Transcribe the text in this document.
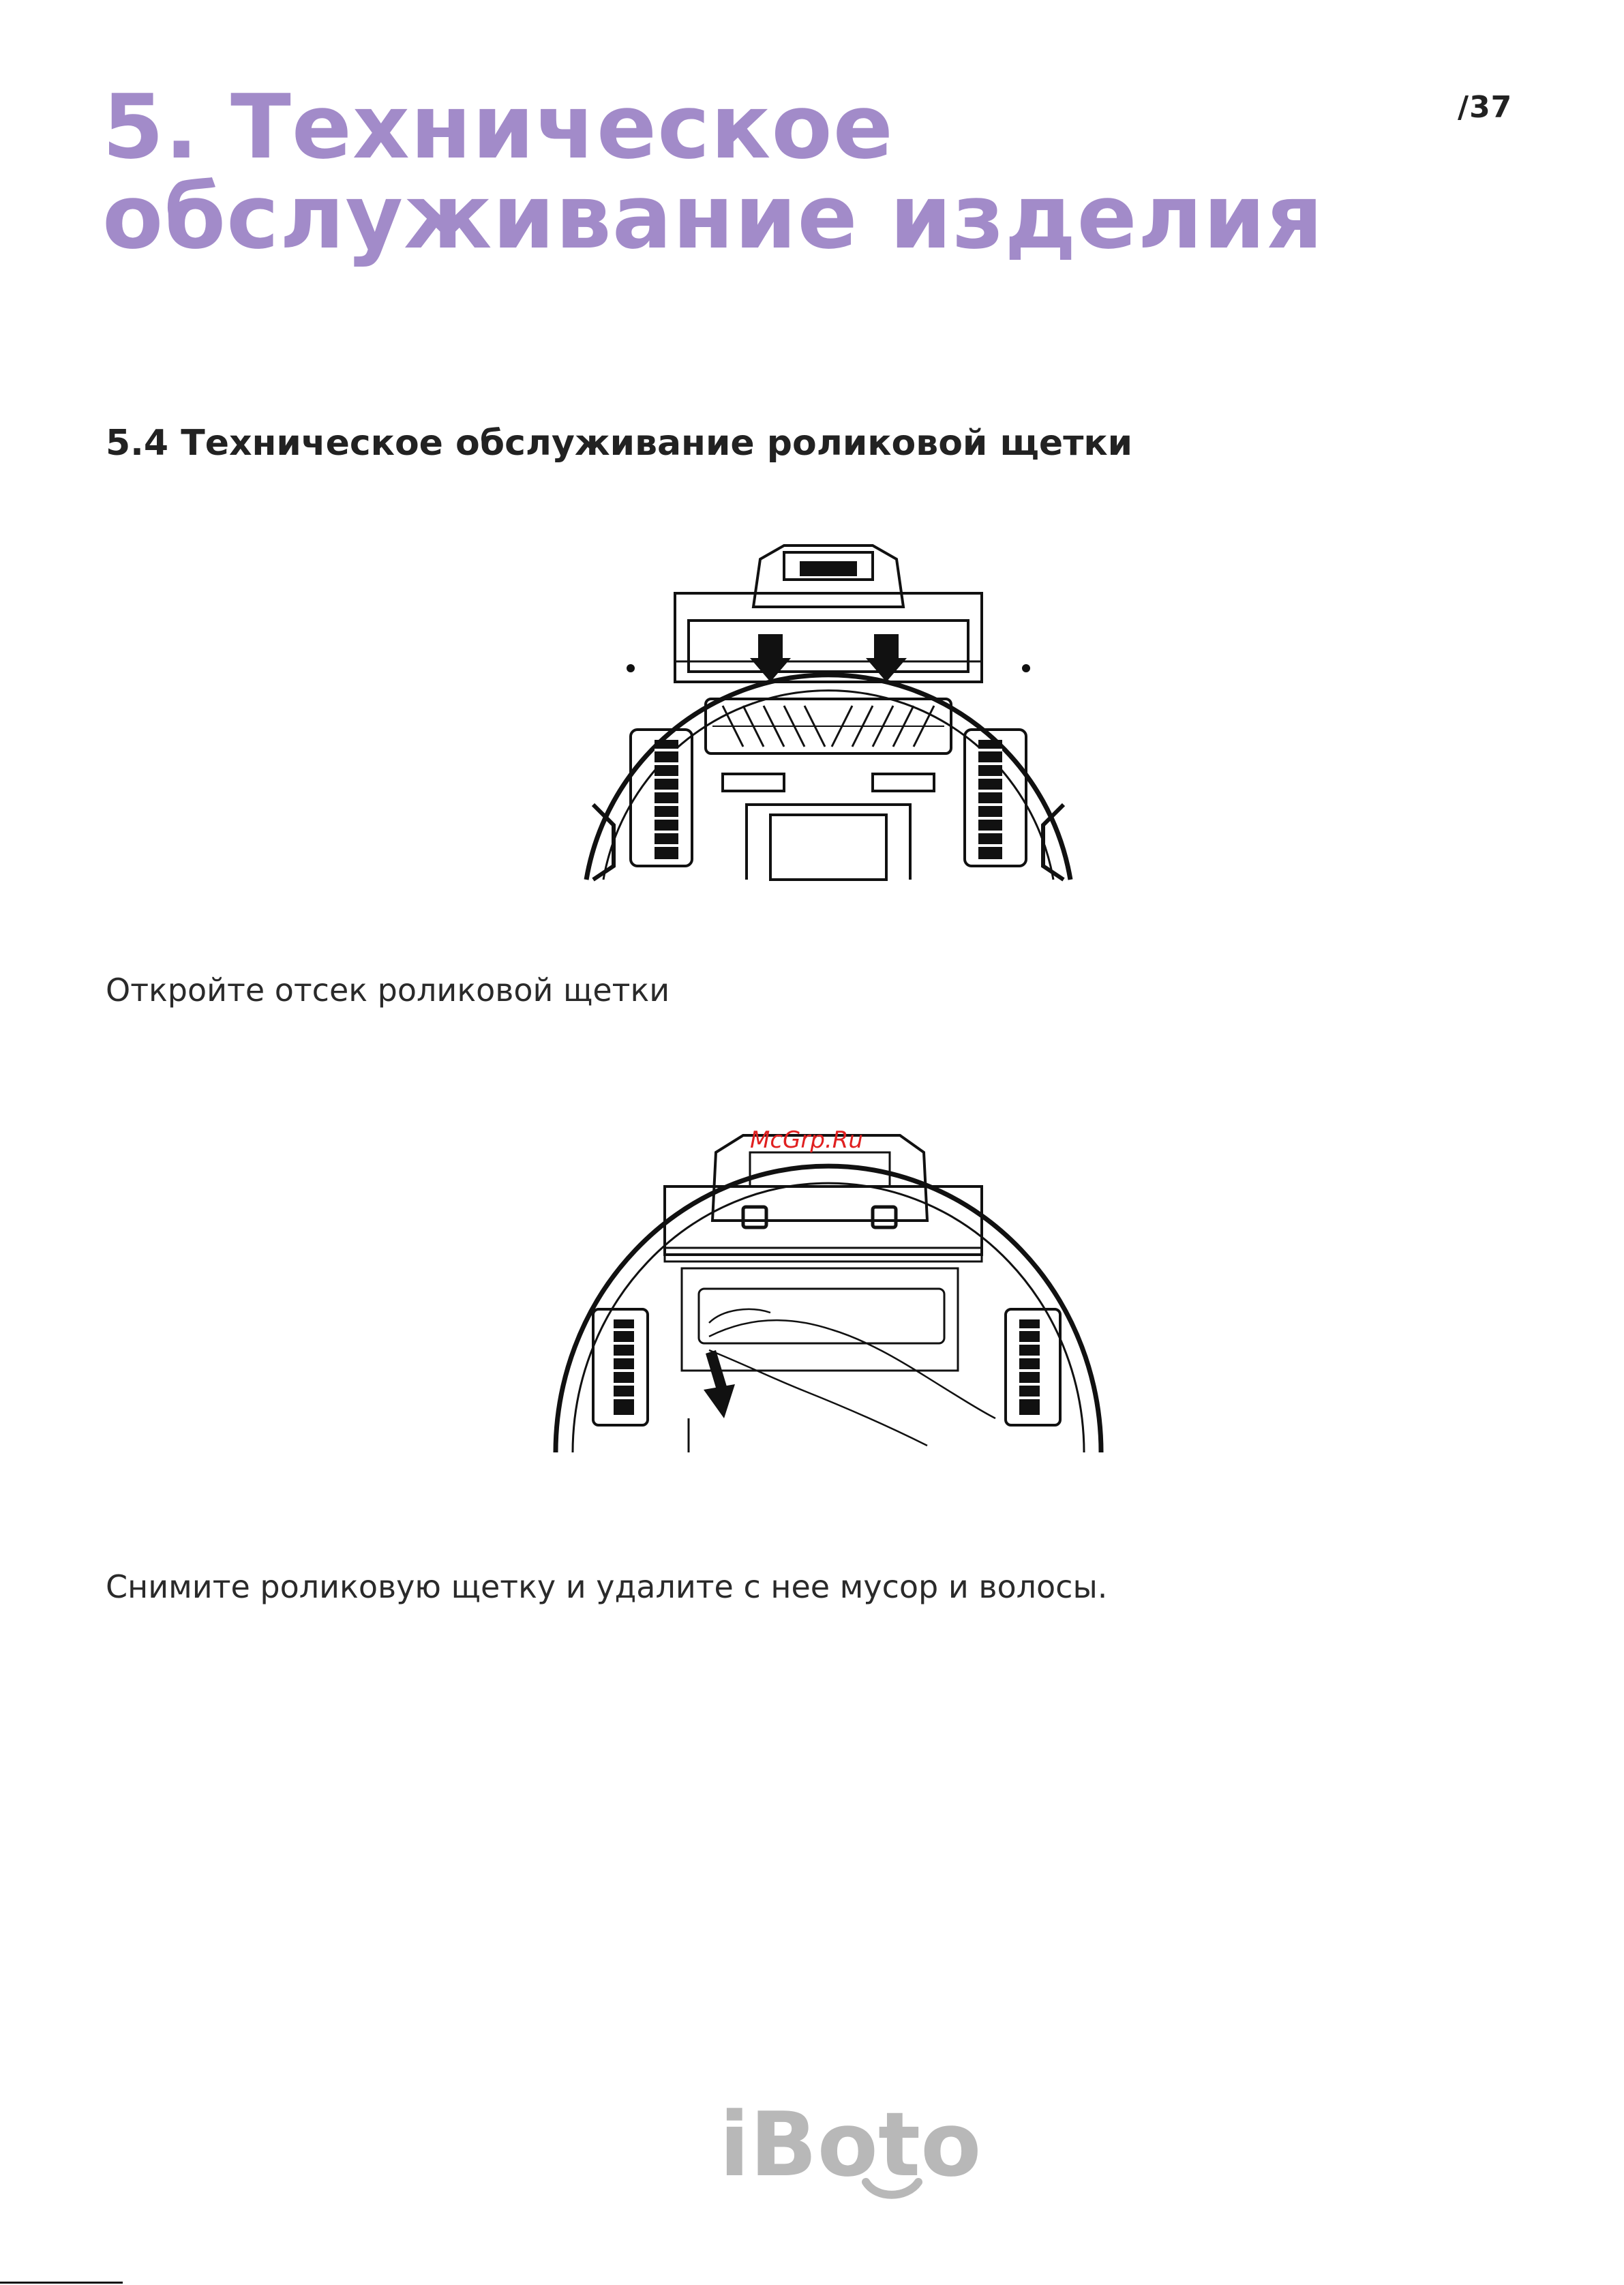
/37
5. Техническое обслуживание изделия
5.4 Техническое обслуживание роликовой щетки

Откройте отсек роликовой щетки

McGrp.Ru

Снимите роликовую щетку и удалите с нее мусор и волосы.

iBoto
